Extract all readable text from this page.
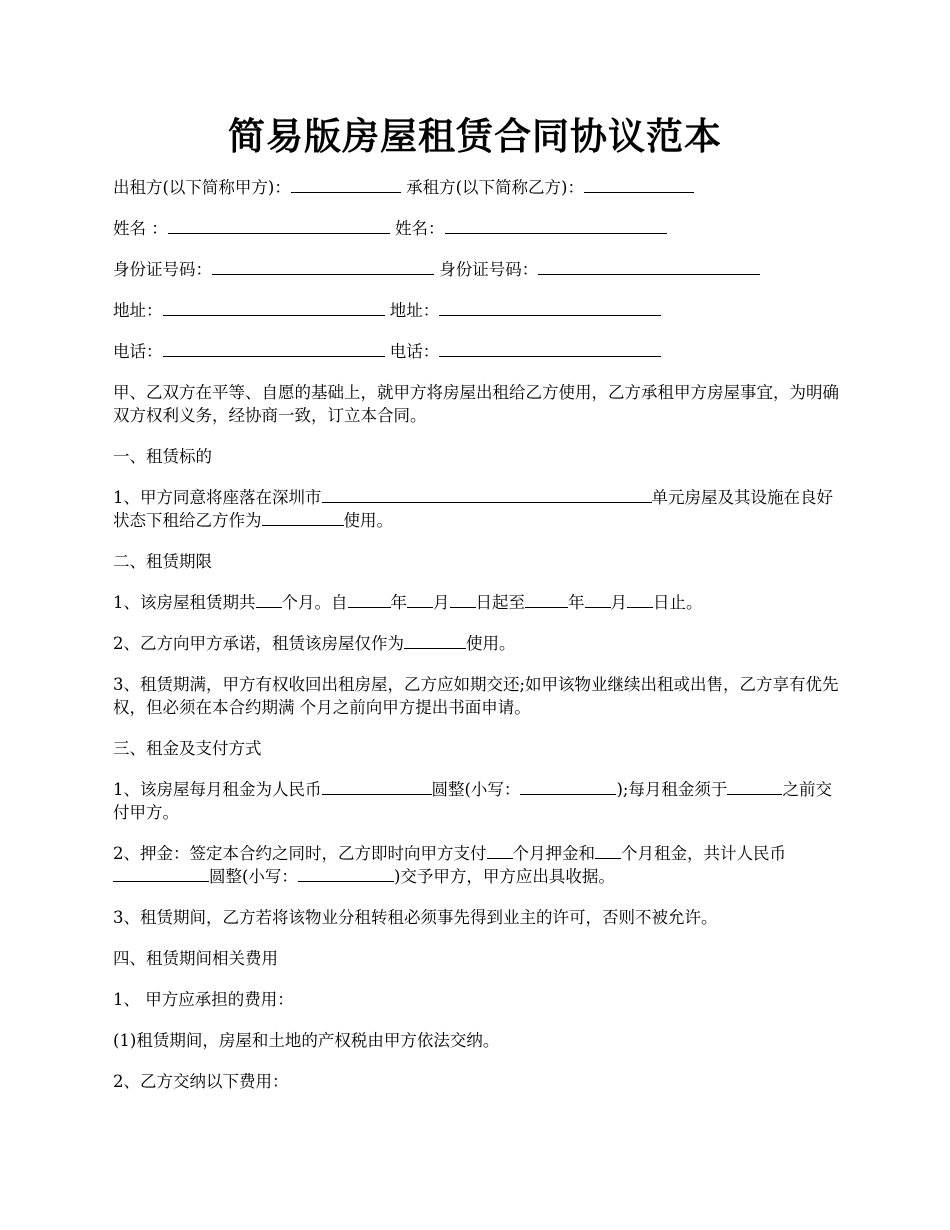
简易版房屋租赁合同协议范本

出租方(以下简称甲方)：	承租方(以下简称乙方)：

姓名 ：	姓名：

身份证号码：	身份证号码：

地址：	地址：

电话：	电话：

甲、乙双方在平等、自愿的基础上，就甲方将房屋出租给乙方使用，乙方承租甲方房屋事宜，为明确双方权利义务，经协商一致，订立本合同。

一、租赁标的

1、甲方同意将座落在深圳市	单元房屋及其设施在良好状态下租给乙方作为	使用。

二、租赁期限

1、该房屋租赁期共 个月。自	年 月 日起至	年 月 日止。

2、乙方向甲方承诺，租赁该房屋仅作为	使用。

3、租赁期满，甲方有权收回出租房屋，乙方应如期交还;如甲该物业继续出租或出售，乙方享有优先权，但必须在本合约期满 个月之前向甲方提出书面申请。

三、租金及支付方式

1、该房屋每月租金为人民币	圆整(小写：	);每月租金须于	之前交付甲方。

2、押金：签定本合约之同时，乙方即时向甲方支付 个月押金和 个月租金，共计人民币圆整(小写：	)交予甲方，甲方应出具收据。

3、租赁期间，乙方若将该物业分租转租必须事先得到业主的许可，否则不被允许。

四、租赁期间相关费用

1、 甲方应承担的费用：

(1)租赁期间，房屋和土地的产权税由甲方依法交纳。

2、乙方交纳以下费用：
